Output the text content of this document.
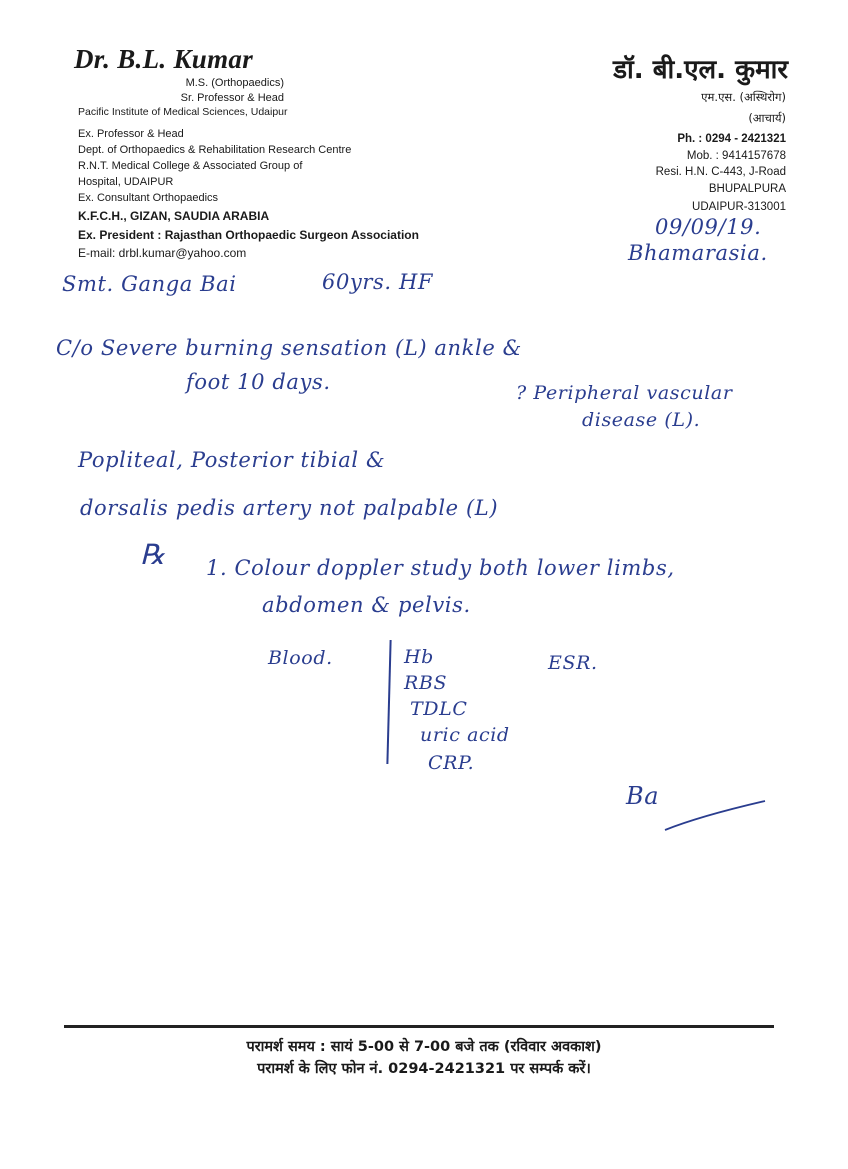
Dr. B.L. Kumar
M.S. (Orthopaedics)
Sr. Professor & Head
Pacific Institute of Medical Sciences, Udaipur
Ex. Professor & Head
Dept. of Orthopaedics & Rehabilitation Research Centre
R.N.T. Medical College & Associated Group of
Hospital, UDAIPUR
Ex. Consultant Orthopaedics
K.F.C.H., GIZAN, SAUDIA ARABIA
Ex. President : Rajasthan Orthopaedic Surgeon Association
E-mail: drbl.kumar@yahoo.com
डॉ. बी.एल. कुमार
एम.एस. (अस्थिरोग)
(आचार्य)
Ph. : 0294 - 2421321
Mob. : 9414157678
Resi. H.N. C-443, J-Road
BHUPALPURA
UDAIPUR-313001
09/09/19.
Bhamarasia.
Smt. Ganga Bai	60yrs. HF
C/o Severe burning sensation (L) ankle &
foot 10 days.	? Peripheral vascular
disease (L).
Popliteal, Posterior tibial &
dorsalis pedis artery not palpable (L)
℞ 1. Colour doppler study both lower limbs,
abdomen & pelvis.
Blood.	Hb
RBS
TDLC
uric acid
CRP.
ESR.
Ba
परामर्श समय : सायं 5-00 से 7-00 बजे तक (रविवार अवकाश)
परामर्श के लिए फोन नं. 0294-2421321 पर सम्पर्क करें।
